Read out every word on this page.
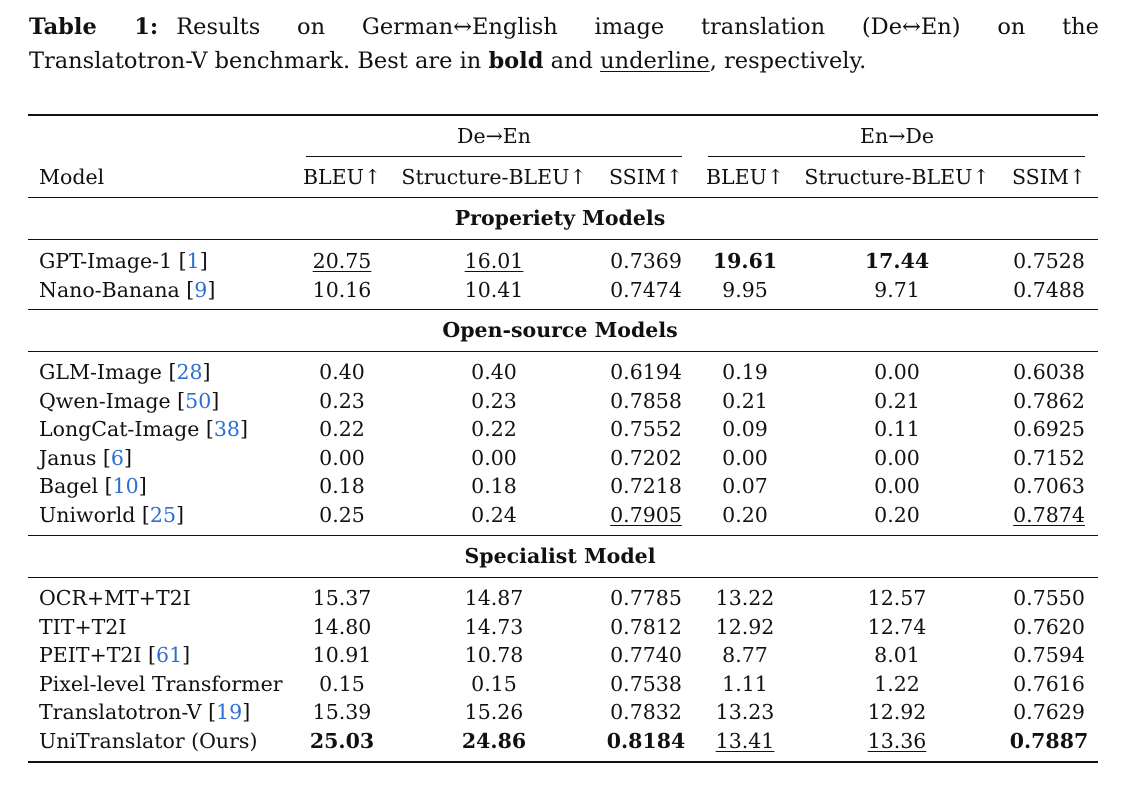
Table 1: Results on German↔English image translation (De↔En) on the
Translatotron-V benchmark. Best are in bold and underline, respectively.
De→En	En→De
Model	BLEU↑ Structure-BLEU↑ SSIM↑ BLEU↑ Structure-BLEU↑ SSIM↑
Properiety Models
GPT-Image-1 [1]	20.75	16.01	0.7369 19.61	17.44	0.7528
Nano-Banana [9]	10.16	10.41	0.7474 9.95	9.71	0.7488
Open-source Models
GLM-Image [28]	0.40	0.40	0.6194 0.19	0.00	0.6038
Qwen-Image [50]	0.23	0.23	0.7858 0.21	0.21	0.7862
LongCat-Image [38]	0.22	0.22	0.7552 0.09	0.11	0.6925
Janus [6]	0.00	0.00	0.7202 0.00	0.00	0.7152
Bagel [10]	0.18	0.18	0.7218 0.07	0.00	0.7063
Uniworld [25]	0.25	0.24	0.7905 0.20	0.20	0.7874
Specialist Model
OCR+MT+T2I	15.37	14.87	0.7785 13.22	12.57	0.7550
TIT+T2I	14.80	14.73	0.7812 12.92	12.74	0.7620
PEIT+T2I [61]	10.91	10.78	0.7740 8.77	8.01	0.7594
Pixel-level Transformer 0.15	0.15	0.7538 1.11	1.22	0.7616
Translatotron-V [19]	15.39	15.26	0.7832 13.23	12.92	0.7629
UniTranslator (Ours)	25.03	24.86	0.8184 13.41	13.36	0.7887
